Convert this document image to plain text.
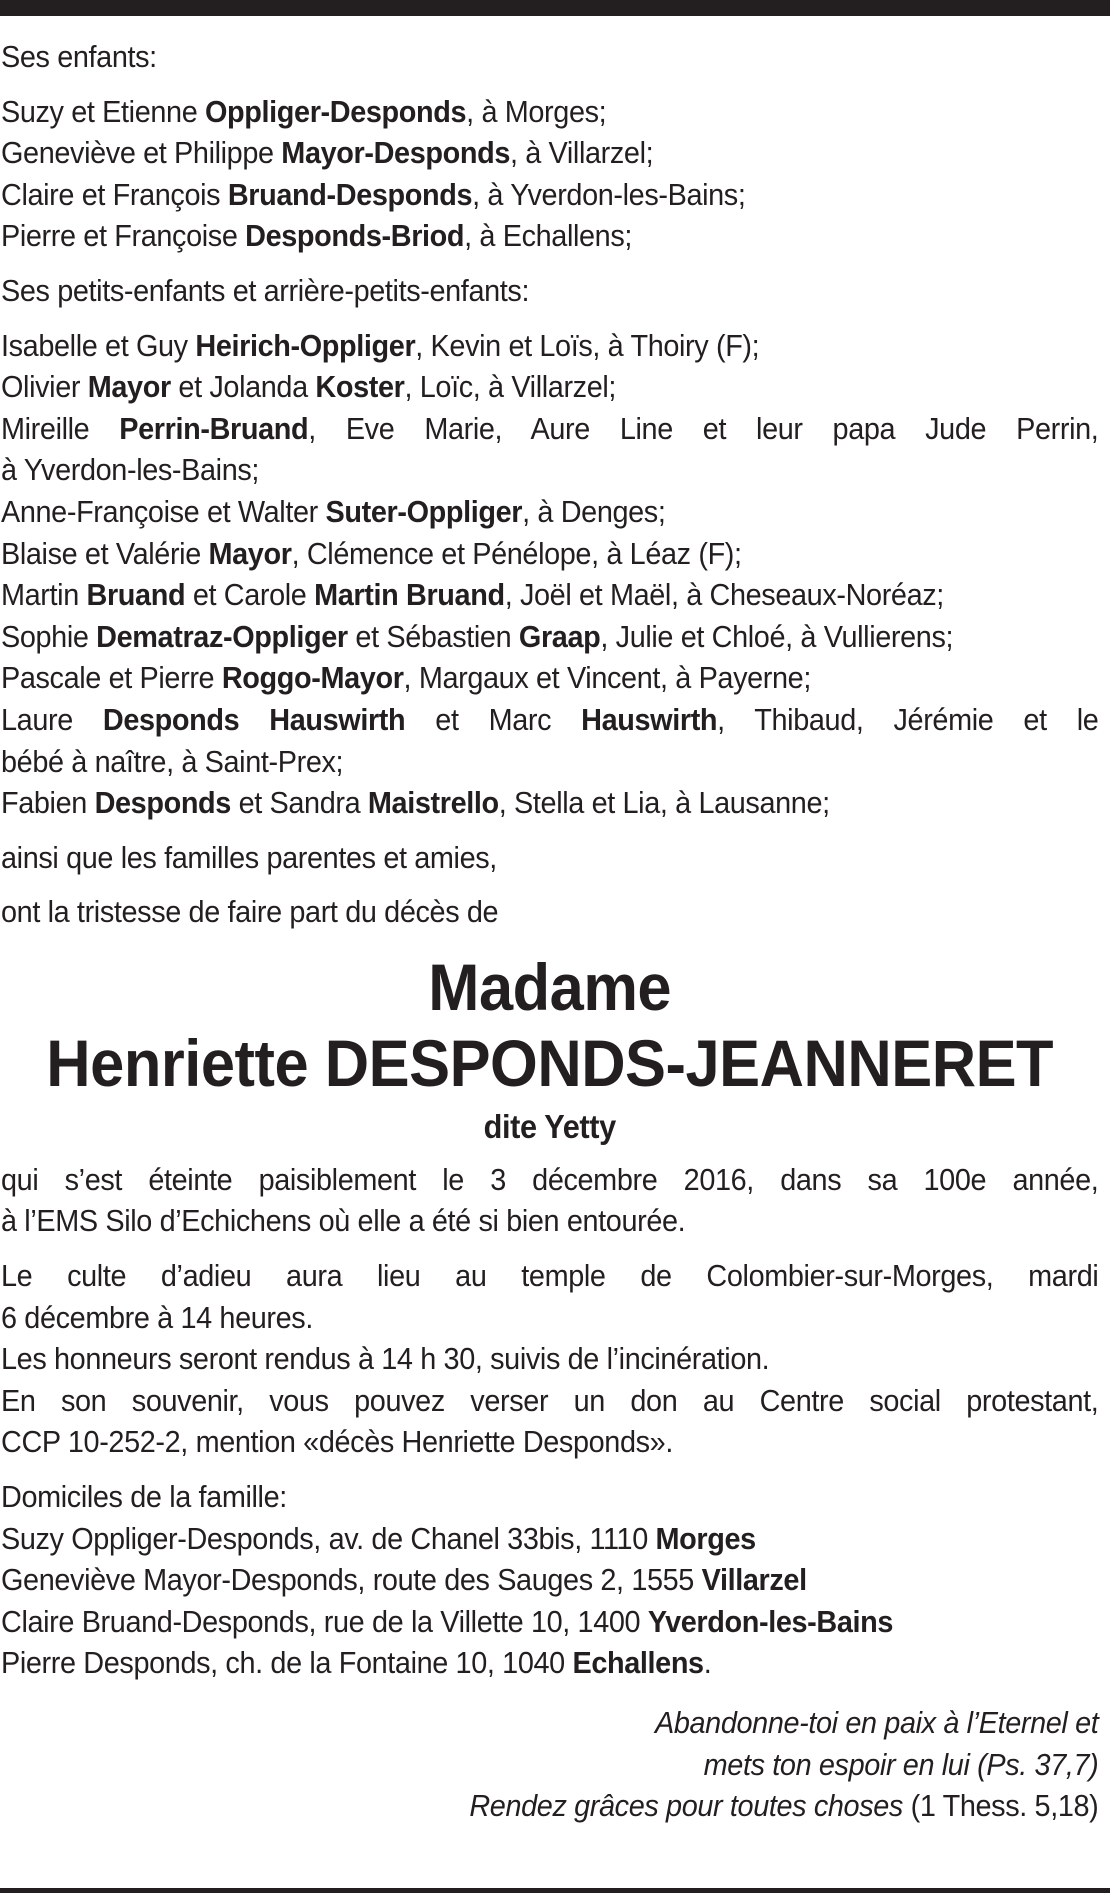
Ses enfants:
Suzy et Etienne Oppliger-Desponds, à Morges;
Geneviève et Philippe Mayor-Desponds, à Villarzel;
Claire et François Bruand-Desponds, à Yverdon-les-Bains;
Pierre et Françoise Desponds-Briod, à Echallens;
Ses petits-enfants et arrière-petits-enfants:
Isabelle et Guy Heirich-Oppliger, Kevin et Loïs, à Thoiry (F);
Olivier Mayor et Jolanda Koster, Loïc, à Villarzel;
Mireille Perrin-Bruand, Eve Marie, Aure Line et leur papa Jude Perrin,
à Yverdon-les-Bains;
Anne-Françoise et Walter Suter-Oppliger, à Denges;
Blaise et Valérie Mayor, Clémence et Pénélope, à Léaz (F);
Martin Bruand et Carole Martin Bruand, Joël et Maël, à Cheseaux-Noréaz;
Sophie Dematraz-Oppliger et Sébastien Graap, Julie et Chloé, à Vullierens;
Pascale et Pierre Roggo-Mayor, Margaux et Vincent, à Payerne;
Laure Desponds Hauswirth et Marc Hauswirth, Thibaud, Jérémie et le
bébé à naître, à Saint-Prex;
Fabien Desponds et Sandra Maistrello, Stella et Lia, à Lausanne;
ainsi que les familles parentes et amies,
ont la tristesse de faire part du décès de
Madame
Henriette DESPONDS-JEANNERET
dite Yetty
qui s’est éteinte paisiblement le 3 décembre 2016, dans sa 100e année,
à l’EMS Silo d’Echichens où elle a été si bien entourée.
Le culte d’adieu aura lieu au temple de Colombier-sur-Morges, mardi
6 décembre à 14 heures.
Les honneurs seront rendus à 14 h 30, suivis de l’incinération.
En son souvenir, vous pouvez verser un don au Centre social protestant,
CCP 10-252-2, mention «décès Henriette Desponds».
Domiciles de la famille:
Suzy Oppliger-Desponds, av. de Chanel 33bis, 1110 Morges
Geneviève Mayor-Desponds, route des Sauges 2, 1555 Villarzel
Claire Bruand-Desponds, rue de la Villette 10, 1400 Yverdon-les-Bains
Pierre Desponds, ch. de la Fontaine 10, 1040 Echallens.
Abandonne-toi en paix à l’Eternel et
mets ton espoir en lui (Ps. 37,7)
Rendez grâces pour toutes choses (1 Thess. 5,18)
